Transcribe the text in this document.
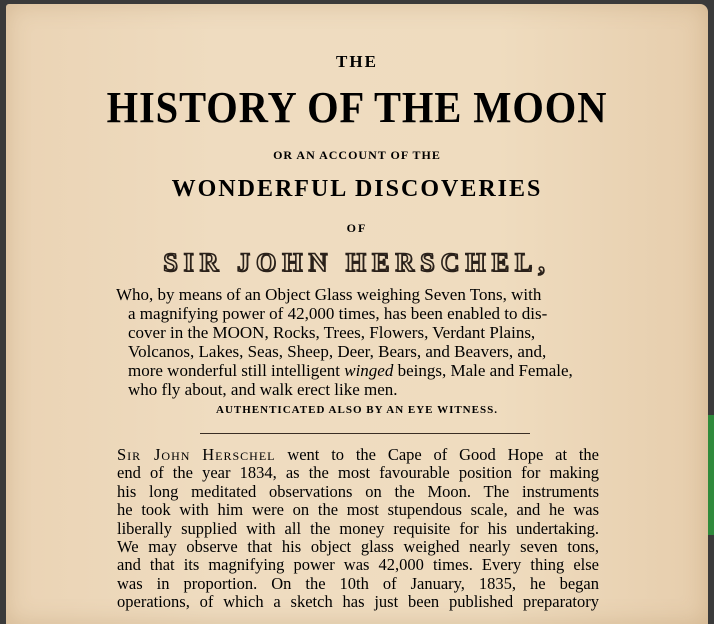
THE
HISTORY OF THE MOON
OR AN ACCOUNT OF THE
WONDERFUL DISCOVERIES
OF
SIR JOHN HERSCHEL,
Who, by means of an Object Glass weighing Seven Tons, with
a magnifying power of 42,000 times, has been enabled to dis-
cover in the MOON, Rocks, Trees, Flowers, Verdant Plains,
Volcanos, Lakes, Seas, Sheep, Deer, Bears, and Beavers, and,
more wonderful still intelligent winged beings, Male and Female,
who fly about, and walk erect like men.
AUTHENTICATED ALSO BY AN EYE WITNESS.
Sir John Herschel went to the Cape of Good Hope at the
end of the year 1834, as the most favourable position for making
his long meditated observations on the Moon. The instruments
he took with him were on the most stupendous scale, and he was
liberally supplied with all the money requisite for his undertaking.
We may observe that his object glass weighed nearly seven tons,
and that its magnifying power was 42,000 times. Every thing else
was in proportion. On the 10th of January, 1835, he began
operations, of which a sketch has just been published preparatory
